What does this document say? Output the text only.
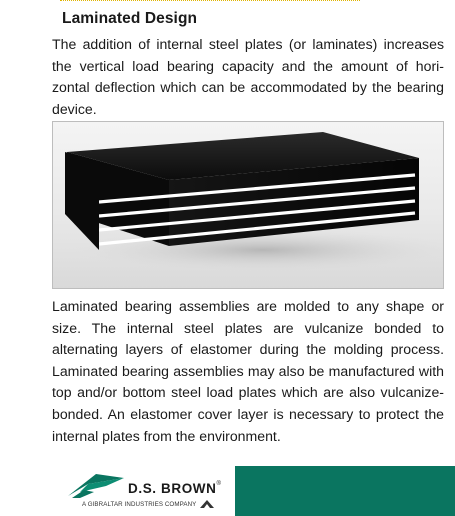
Laminated Design

The addition of internal steel plates (or laminates) increases the vertical load bearing capacity and the amount of hori-zontal deflection which can be accommodated by the bearing device.

Laminated bearing assemblies are molded to any shape or size. The internal steel plates are vulcanize bonded to alternating layers of elastomer during the molding process. Laminated bearing assemblies may also be manufactured with top and/or bottom steel load plates which are also vulcanize-bonded. An elastomer cover layer is necessary to protect the internal plates from the environment.

D.S. BROWN®
A GIBRALTAR INDUSTRIES COMPANY
